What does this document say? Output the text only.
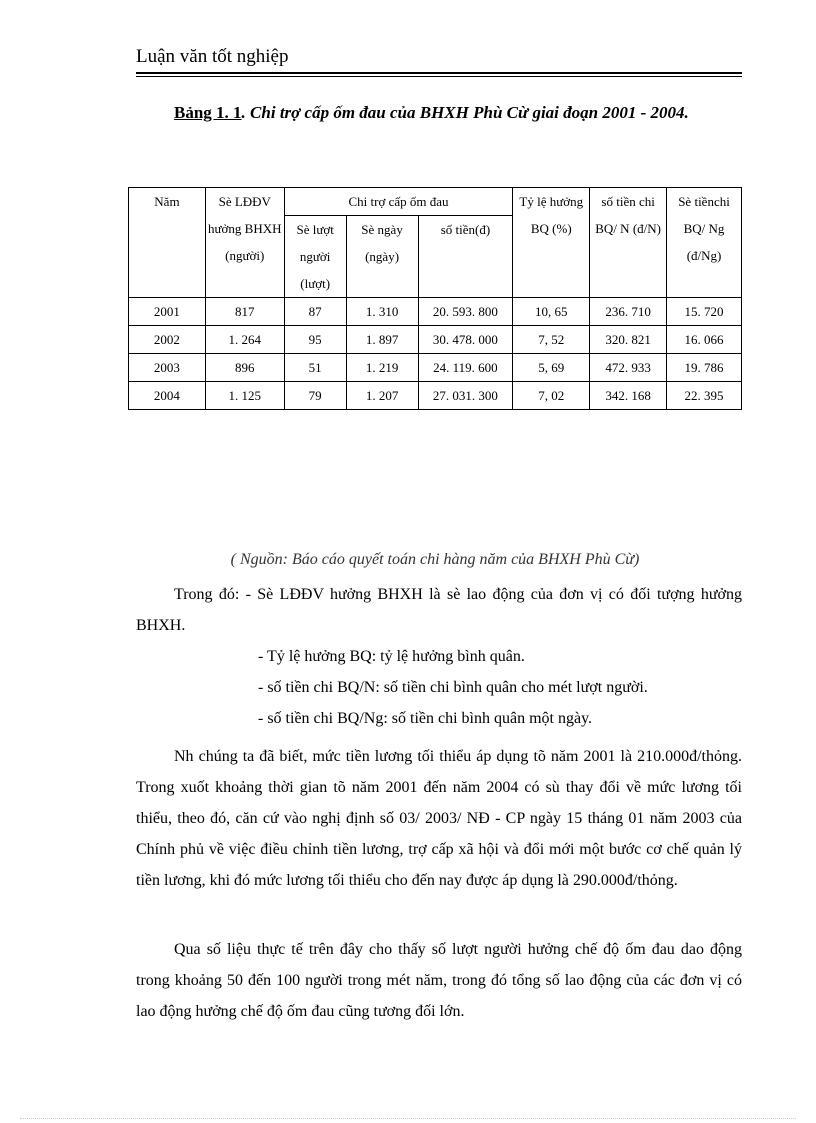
Luận văn tốt nghiệp
Bảng 1. 1. Chi trợ cấp ốm đau của BHXH Phù Cừ giai đoạn 2001 - 2004.
Năm	Sè LĐĐV hưởng BHXH (người)	Chi trợ cấp ốm đau			Tỷ lệ hưởng BQ (%)	số tiền chi BQ/ N (đ/N)	Sè tiềnchi BQ/ Ng (đ/Ng)
		Sè lượt người (lượt)	Sè ngày (ngày)	số tiền(đ)			
2001	817	87	1. 310	20. 593. 800	10, 65	236. 710	15. 720
2002	1. 264	95	1. 897	30. 478. 000	7, 52	320. 821	16. 066
2003	896	51	1. 219	24. 119. 600	5, 69	472. 933	19. 786
2004	1. 125	79	1. 207	27. 031. 300	7, 02	342. 168	22. 395
( Nguồn: Báo cáo quyết toán chi hàng năm của BHXH Phù Cừ)

Trong đó: - Sè LĐĐV hưởng BHXH là sè lao động của đơn vị có đối tượng hưởng BHXH.

- Tỷ lệ hưởng BQ: tỷ lệ hưởng bình quân.

- số tiền chi BQ/N: số tiền chi bình quân cho mét lượt người.

- số tiền chi BQ/Ng: số tiền chi bình quân một ngày.

Nh chúng ta đã biết, mức tiền lương tối thiểu áp dụng tõ năm 2001 là 210.000đ/thỏng. Trong xuốt khoảng thời gian tõ năm 2001 đến năm 2004 có sù thay đổi về mức lương tối thiểu, theo đó, căn cứ vào nghị định số 03/ 2003/ NĐ - CP ngày 15 tháng 01 năm 2003 của Chính phủ về việc điều chỉnh tiền lương, trợ cấp xã hội và đổi mới một bước cơ chế quản lý tiền lương, khi đó mức lương tối thiểu cho đến nay được áp dụng là 290.000đ/thỏng.

Qua số liệu thực tế trên đây cho thấy số lượt người hưởng chế độ ốm đau dao động trong khoảng 50 đến 100 người trong mét năm, trong đó tổng số lao động của các đơn vị có lao động hưởng chế độ ốm đau cũng tương đối lớn.
